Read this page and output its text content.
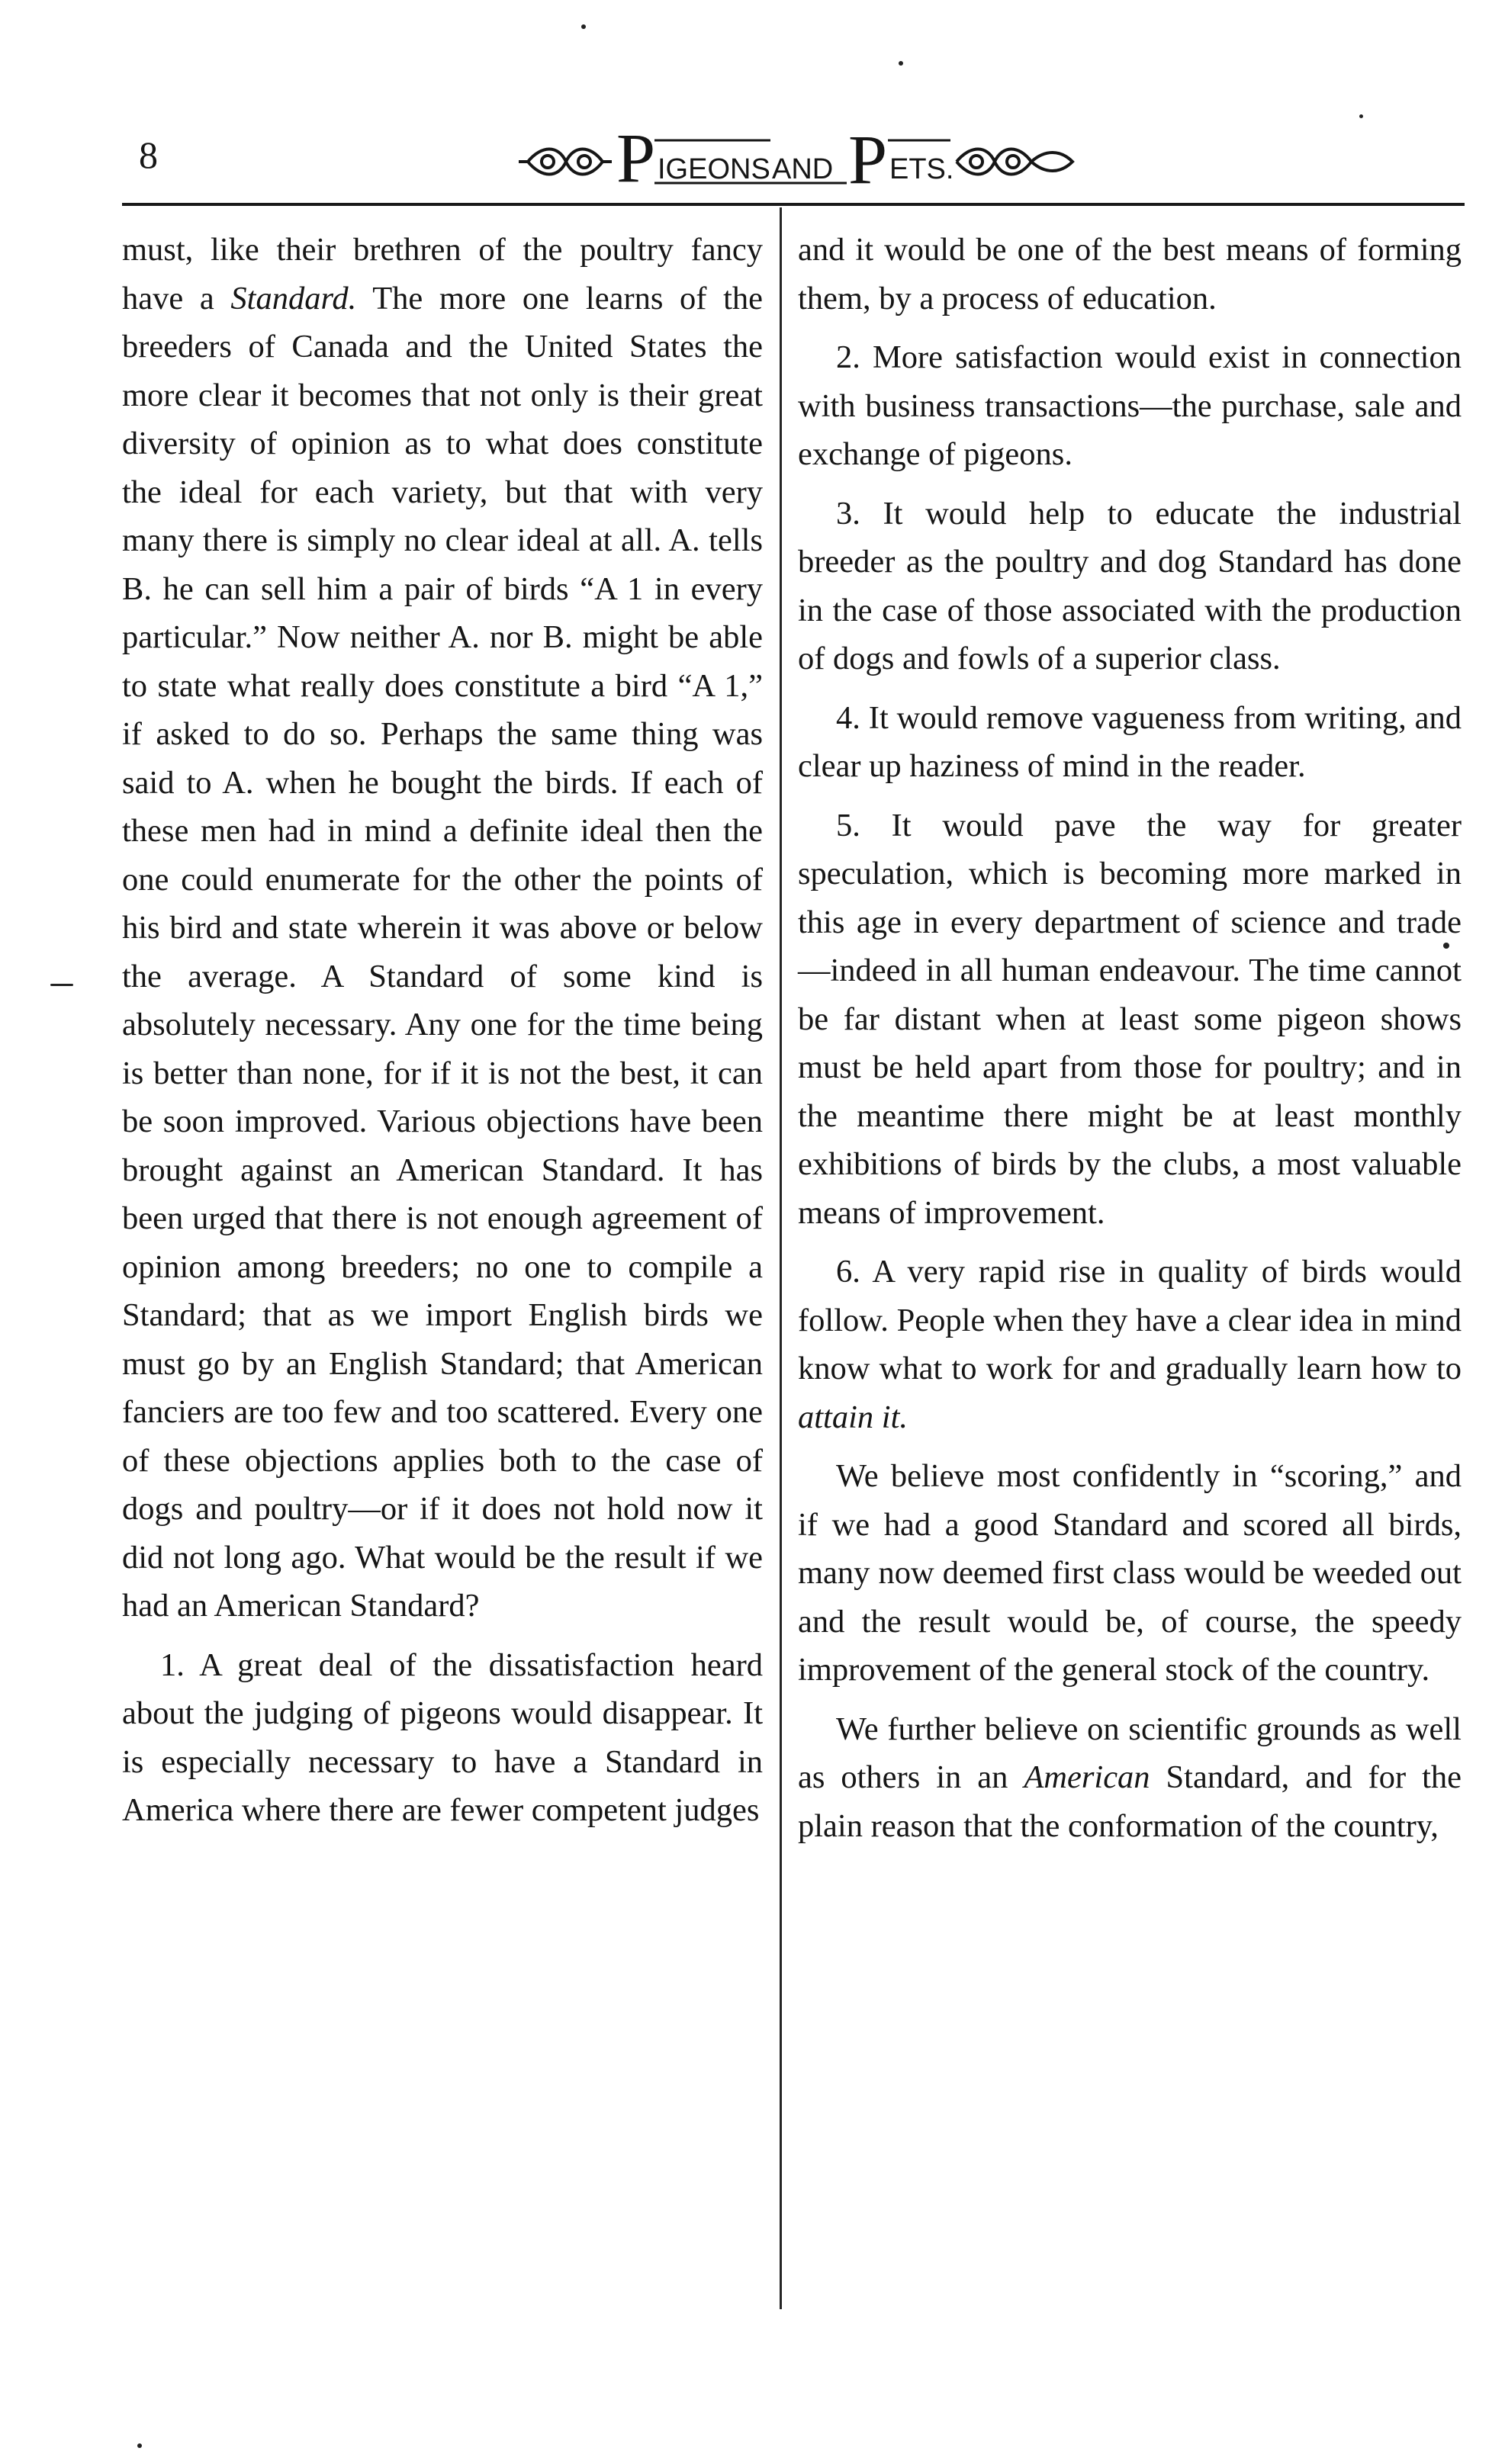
8	P IGEONS AND P ETS.

must, like their brethren of the poultry fancy have a Standard. The more one learns of the breeders of Canada and the United States the more clear it becomes that not only is their great diversity of opinion as to what does constitute the ideal for each variety, but that with very many there is simply no clear ideal at all. A. tells B. he can sell him a pair of birds “A 1 in every particular.” Now neither A. nor B. might be able to state what really does constitute a bird “A 1,” if asked to do so. Perhaps the same thing was said to A. when he bought the birds. If each of these men had in mind a definite ideal then the one could enumerate for the other the points of his bird and state wherein it was above or below the average. A Standard of some kind is absolutely necessary. Any one for the time being is better than none, for if it is not the best, it can be soon improved. Various objections have been brought against an American Standard. It has been urged that there is not enough agreement of opinion among breeders; no one to compile a Standard; that as we import English birds we must go by an English Standard; that American fanciers are too few and too scattered. Every one of these objections applies both to the case of dogs and poultry—or if it does not hold now it did not long ago. What would be the result if we had an American Standard?

1. A great deal of the dissatisfaction heard about the judging of pigeons would disappear. It is especially necessary to have a Standard in America where there are fewer competent judges

and it would be one of the best means of forming them, by a process of education.

2. More satisfaction would exist in connection with business transactions—the purchase, sale and exchange of pigeons.

3. It would help to educate the industrial breeder as the poultry and dog Standard has done in the case of those associated with the production of dogs and fowls of a superior class.

4. It would remove vagueness from writing, and clear up haziness of mind in the reader.

5. It would pave the way for greater speculation, which is becoming more marked in this age in every department of science and trade—indeed in all human endeavour. The time cannot be far distant when at least some pigeon shows must be held apart from those for poultry; and in the meantime there might be at least monthly exhibitions of birds by the clubs, a most valuable means of improvement.

6. A very rapid rise in quality of birds would follow. People when they have a clear idea in mind know what to work for and gradually learn how to attain it.

We believe most confidently in “scoring,” and if we had a good Standard and scored all birds, many now deemed first class would be weeded out and the result would be, of course, the speedy improvement of the general stock of the country.

We further believe on scientific grounds as well as others in an American Standard, and for the plain reason that the conformation of the country,
